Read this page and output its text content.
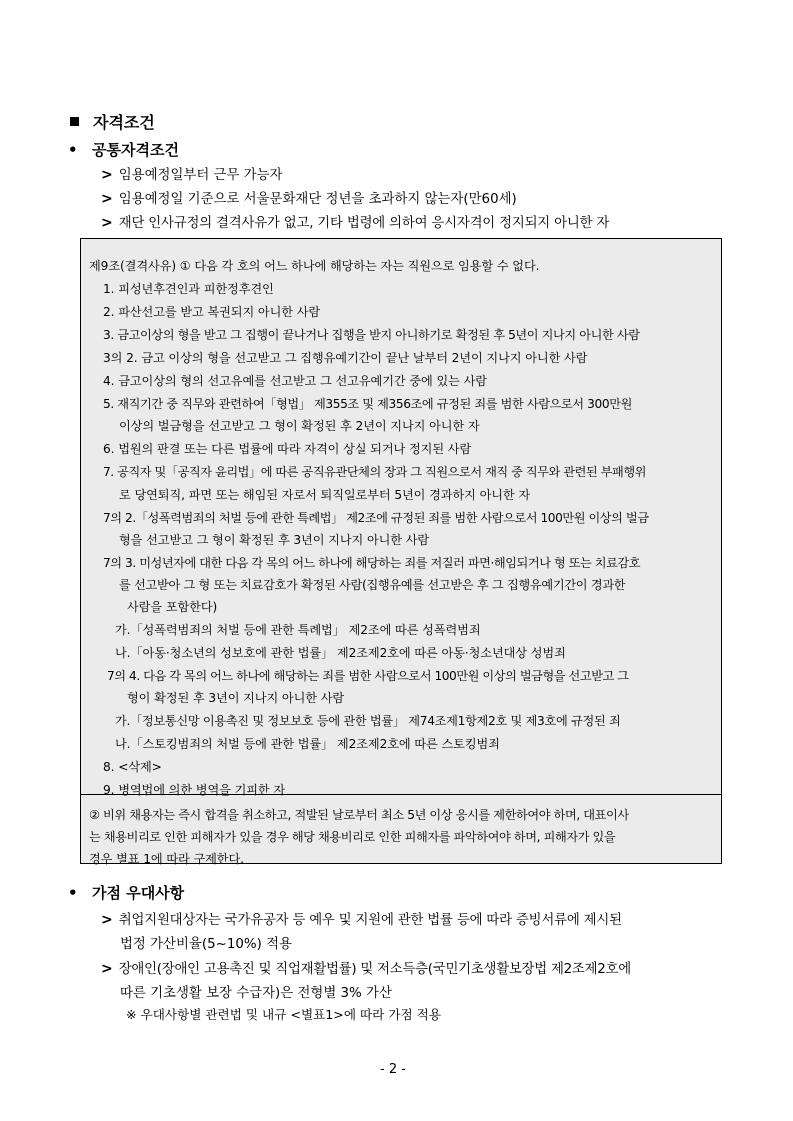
자격조건
• 공통자격조건
> 임용예정일부터 근무 가능자
> 임용예정일 기준으로 서울문화재단 정년을 초과하지 않는자(만60세)
> 재단 인사규정의 결격사유가 없고, 기타 법령에 의하여 응시자격이 정지되지 아니한 자
제9조(결격사유) ① 다음 각 호의 어느 하나에 해당하는 자는 직원으로 임용할 수 없다.
1. 피성년후견인과 피한정후견인
2. 파산선고를 받고 복권되지 아니한 사람
3. 금고이상의 형을 받고 그 집행이 끝나거나 집행을 받지 아니하기로 확정된 후 5년이 지나지 아니한 사람
3의 2. 금고 이상의 형을 선고받고 그 집행유예기간이 끝난 날부터 2년이 지나지 아니한 사람
4. 금고이상의 형의 선고유예를 선고받고 그 선고유예기간 중에 있는 사람
5. 재직기간 중 직무와 관련하여「형법」 제355조 및 제356조에 규정된 죄를 범한 사람으로서 300만원
이상의 벌금형을 선고받고 그 형이 확정된 후 2년이 지나지 아니한 자
6. 법원의 판결 또는 다른 법률에 따라 자격이 상실 되거나 정지된 사람
7. 공직자 및「공직자 윤리법」에 따른 공직유관단체의 장과 그 직원으로서 재직 중 직무와 관련된 부패행위
로 당연퇴직, 파면 또는 해임된 자로서 퇴직일로부터 5년이 경과하지 아니한 자
7의 2.「성폭력범죄의 처벌 등에 관한 특례법」 제2조에 규정된 죄를 범한 사람으로서 100만원 이상의 벌금
형을 선고받고 그 형이 확정된 후 3년이 지나지 아니한 사람
7의 3. 미성년자에 대한 다음 각 목의 어느 하나에 해당하는 죄를 저질러 파면·해임되거나 형 또는 치료감호
를 선고받아 그 형 또는 치료감호가 확정된 사람(집행유예를 선고받은 후 그 집행유예기간이 경과한
사람을 포함한다)
가.「성폭력범죄의 처벌 등에 관한 특례법」 제2조에 따른 성폭력범죄
나.「아동·청소년의 성보호에 관한 법률」 제2조제2호에 따른 아동·청소년대상 성범죄
7의 4. 다음 각 목의 어느 하나에 해당하는 죄를 범한 사람으로서 100만원 이상의 벌금형을 선고받고 그
형이 확정된 후 3년이 지나지 아니한 사람
가.「정보통신망 이용촉진 및 정보보호 등에 관한 법률」 제74조제1항제2호 및 제3호에 규정된 죄
나.「스토킹범죄의 처벌 등에 관한 법률」 제2조제2호에 따른 스토킹범죄
8. <삭제>
9. 병역법에 의한 병역을 기피한 자
② 비위 채용자는 즉시 합격을 취소하고, 적발된 날로부터 최소 5년 이상 응시를 제한하여야 하며, 대표이사
는 채용비리로 인한 피해자가 있을 경우 해당 채용비리로 인한 피해자를 파악하여야 하며, 피해자가 있을
경우 별표 1에 따라 구제한다.
• 가점 우대사항
> 취업지원대상자는 국가유공자 등 예우 및 지원에 관한 법률 등에 따라 증빙서류에 제시된
법정 가산비율(5~10%) 적용
> 장애인(장애인 고용촉진 및 직업재활법률) 및 저소득층(국민기초생활보장법 제2조제2호에
따른 기초생활 보장 수급자)은 전형별 3% 가산
※ 우대사항별 관련법 및 내규 <별표1>에 따라 가점 적용
- 2 -
